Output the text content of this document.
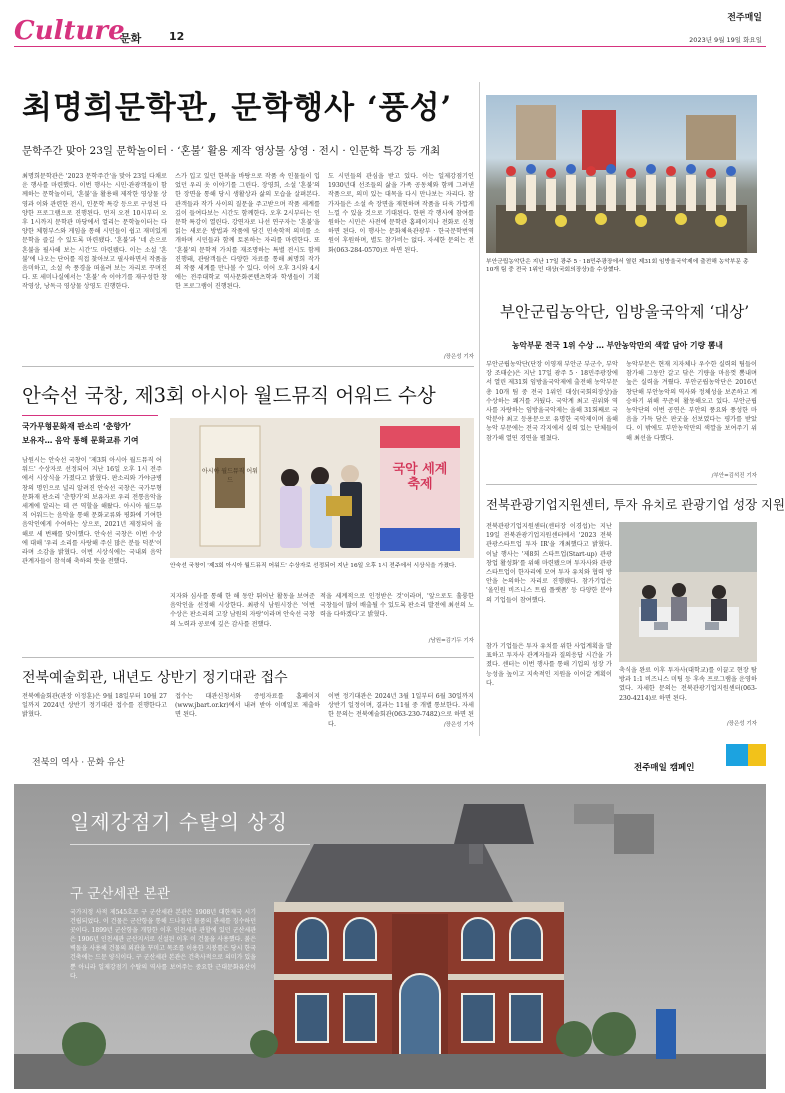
Culture
문화	12
전주매일
2023년 9월 19일 화요일
최명희문학관, 문학행사 ‘풍성’
문학주간 맞아 23일 문학놀이터 · ‘혼불’ 활용 제작 영상물 상영 · 전시 · 인문학 특강 등 개최
최명희문학관은 '2023 문학주간'을 맞아 23일 다채로운 행사를 마련했다. 이번 행사는 시민·관광객들이 함께하는 문학놀이터, '혼불'을 활용해 제작한 영상물 상영과 이와 관련한 전시, 인문학 특강 등으로 구성된 다양한 프로그램으로 진행된다. 먼저 오전 10시부터 오후 1시까지 문학관 마당에서 열리는 문학놀이터는 다양한 체험부스와 게임을 통해 시민들이 쉽고 재미있게 문학을 즐길 수 있도록 마련됐다. '혼불'과 '네 손으로 혼불을 필사해 보는 시간'도 마련됐다. 이는 소설 '혼불'에 나오는 단어를 직접 찾아보고 필사하면서 작품을 음미하고, 소설 속 풍경을 떠올려 보는 자리로 꾸며진다. 또 세미나실에서는 '혼불' 속 이야기를 재구성한 창작영상, 낭독극 영상물 상영도 진행한다.
스가 입고 있던 한복을 바탕으로 작품 속 인물들이 입었던 우리 옷 이야기를 그린다. 장영희, 소설 '혼불'의 한 장면을 통해 당시 생활상과 삶의 모습을 살펴본다. 관객들과 작가 사이의 질문을 주고받으며 작품 세계를 깊이 들여다보는 시간도 함께한다. 오후 2시부터는 인문학 특강이 열린다. 강연자로 나선 연구자는 '혼불'을 읽는 새로운 방법과 작품에 담긴 민속학적 의미를 소개하며 시민들과 함께 토론하는 자리를 마련한다. 또 '혼불'의 문학적 가치를 재조명하는 특별 전시도 함께 진행돼, 관람객들은 다양한 자료를 통해 최명희 작가의 작품 세계를 만나볼 수 있다. 이어 오후 3시와 4시에는 전주대학교 역사문화콘텐츠학과 학생들이 기획한 프로그램이 진행된다.
도 시민들의 관심을 받고 있다. 이는 일제강점기인 1930년대 선조들의 삶을 가족 공동체와 함께 그려낸 작품으로, 의미 있는 대목을 다시 만나보는 자리다. 참가자들은 소설 속 장면을 재현하며 작품을 더욱 가깝게 느낄 수 있을 것으로 기대된다. 한편 각 행사에 참여를 원하는 시민은 사전에 문학관 홈페이지나 전화로 신청하면 된다. 이 행사는 문화체육관광부 · 한국문학번역원이 후원하며, 별도 참가비는 없다. 자세한 문의는 전화(063-284-0570)로 하면 된다.
/장은성 기자
부안군립농악단은 지난 17일 광주 5 · 18민주광장에서 열린 제31회 임방울국악제에 출전해 농악부문 총 10개 팀 중 전국 1위인 대상(국회의장상)을 수상했다.
부안군립농악단, 임방울국악제 ‘대상’
농악부문 전국 1위 수상 … 부안농악만의 색깔 담아 기량 뽐내
부안군립농악단(단장 이영재 부안군 부군수, 부악장 조태순)은 지난 17일 광주 5 · 18민주광장에서 열린 제31회 임방울국악제에 출전해 농악부문 총 10개 팀 중 전국 1위인 대상(국회의장상)을 수상하는 쾌거를 거뒀다. 국악계 최고 권위와 역사를 자랑하는 임방울국악제는 올해 31회째로 국악분야 최고 등용문으로 유명한 국악제이며 올해 농악 부문에는 전국 각지에서 실력 있는 단체들이 참가해 열띤 경연을 펼쳤다.
농악부문은 현재 지자체나 우수한 실력의 팀들이 참가해 그동안 갈고 닦은 기량을 마음껏 뽐내며 높은 실력을 겨뤘다. 부안군립농악단은 2016년 창단해 부안농악의 역사와 정체성을 보존하고 계승하기 위해 꾸준히 활동해오고 있다. 부안군립농악단의 이번 공연은 부안의 풍요와 풍성한 마음을 가득 담은 판굿을 선보였다는 평가를 받았다. 이 밖에도 부안농악만의 색깔을 보여주기 위해 최선을 다했다.
/부안=김석진 기자
안숙선 국창, 제3회 아시아 월드뮤직 어워드 수상
국가무형문화재 판소리 ‘춘향가’
보유자… 음악 통해 문화교류 기여
남원시는 안숙선 국창이 '제3회 아시아 월드뮤직 어워드' 수상자로 선정되어 지난 16일 오후 1시 전주에서 시상식을 가졌다고 밝혔다. 판소리와 가야금병창의 명인으로 널리 알려진 안숙선 국창은 국가무형문화재 판소리 '춘향가'의 보유자로 우리 전통음악을 세계에 알리는 데 큰 역할을 해왔다. 아시아 월드뮤직 어워드는 음악을 통해 문화교류와 평화에 기여한 음악인에게 수여하는 상으로, 2021년 제정되어 올해로 세 번째를 맞이했다. 안숙선 국창은 이번 수상에 대해 '우리 소리를 사랑해 주신 많은 분들 덕분'이라며 소감을 밝혔다. 이번 시상식에는 국내외 음악 관계자들이 참석해 축하의 뜻을 전했다.
/남원=김기두 기자
아시아 월드뮤직 어워드
국악 세계 축제
안숙선 국창이 '제3회 아시아 월드뮤직 어워드' 수상자로 선정되어 지난 16일 오후 1시 전주에서 시상식을 가졌다.
지자와 심사를 통해 한 해 동안 뛰어난 활동을 보여준 음악인을 선정해 시상한다. 최광식 남원시장은 '이번 수상은 판소리의 고장 남원의 자랑'이라며 안숙선 국창의 노력과 공로에 깊은 감사를 전했다.
적을 세계적으로 인정받은 것'이라며, '앞으로도 훌륭한 국창들이 많이 배출될 수 있도록 판소리 발전에 최선의 노력을 다하겠다'고 밝혔다.
전북관광기업지원센터, 투자 유치로 관광기업 성장 지원
전북관광기업지원센터(센터장 이경섭)는 지난 19일 전북관광기업지원센터에서 '2023 전북 관광스타트업 투자 IR'을 개최했다고 밝혔다. 이날 행사는 '제8회 스타트업(Start-up) 관광창업 활성화'를 위해 마련됐으며 투자사와 관광 스타트업이 한자리에 모여 투자 유치와 협력 방안을 논의하는 자리로 진행됐다. 참가기업은 '올인원 비즈니스 트립 플랫폼' 등 다양한 분야의 기업들이 참여했다.
참가 기업들은 투자 유치를 위한 사업계획을 발표하고 투자사 관계자들과 질의응답 시간을 가졌다. 센터는 이번 행사를 통해 기업의 성장 가능성을 높이고 지속적인 지원을 이어갈 계획이다.
축식을 완료 이후 투자사(대학교)를 이끌고 현장 탐방과 1:1 비즈니스 미팅 등 후속 프로그램을 운영하였다. 자세한 문의는 전북관광기업지원센터(063-230-4214)로 하면 된다.
/장은성 기자
전북예술회관, 내년도 상반기 정기대관 접수
전북예술회관(관장 이정훈)은 9월 18일부터 10월 27일까지 2024년 상반기 정기대관 접수를 진행한다고 밝혔다.
접수는 대관신청서와 증빙자료를 홈페이지(www.jbart.or.kr)에서 내려 받아 이메일로 제출하면 된다.
이번 정기대관은 2024년 3월 1일부터 6월 30일까지 상반기 일정이며, 결과는 11월 중 개별 통보한다. 자세한 문의는 전북예술회관(063-230-7482)으로 하면 된다.	/장은성 기자
전북의 역사 · 문화 유산	전주매일 캠페인
일제강점기 수탈의 상징
구 군산세관 본관
국가지정 사적 제545호로 구 군산세관 본관은 1908년 대한제국 시기 건립되었다. 이 건물은 군산항을 통해 드나들던 물품의 관세를 징수하던 곳이다. 1899년 군산항을 개항한 이후 인천세관 관할에 있던 군산세관은 1906년 인천세관 군산지서로 신설된 이후 이 건물을 사용했다. 붉은 벽돌을 사용해 건물의 외관을 꾸미고 목조를 이용한 지붕틀은 당시 한국 건축에는 드문 양식이다. 구 군산세관 본관은 건축사적으로 의미가 있을 뿐 아니라 일제강점기 수탈의 역사를 보여주는 중요한 근대문화유산이다.
